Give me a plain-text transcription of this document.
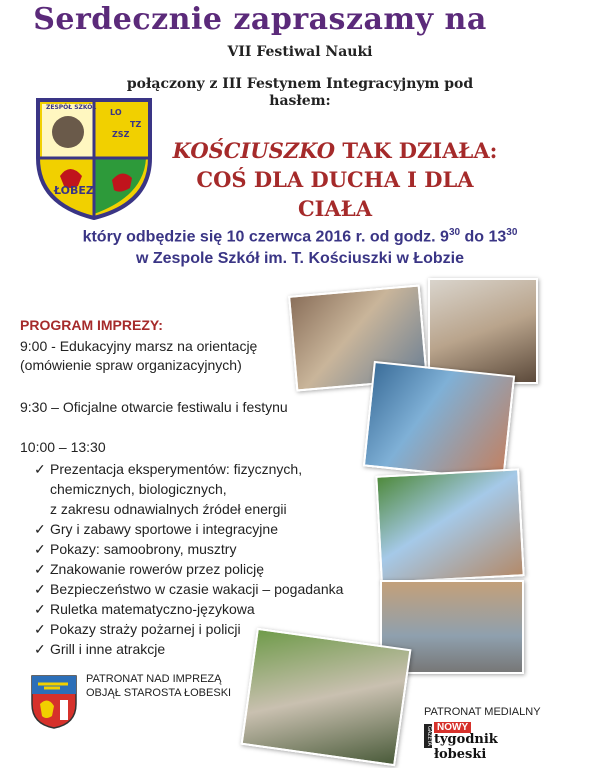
Serdecznie zapraszamy na
VII Festiwal Nauki
połączony z III Festynem Integracyjnym pod
hasłem:
ZESPÓŁ SZKÓŁ
LO
TZ
ZSZ
ŁOBEZ
KOŚCIUSZKO TAK DZIAŁA:
COŚ DLA DUCHA I DLA CIAŁA
który odbędzie się 10 czerwca 2016 r. od godz. $9^{30}$ do $13^{30}$
w Zespole Szkół im. T. Kościuszki w Łobzie
PROGRAM IMPREZY:
9:00 - Edukacyjny marsz na orientację
(omówienie spraw organizacyjnych)
9:30 – Oficjalne otwarcie festiwalu i festynu
10:00 – 13:30
✓ Prezentacja eksperymentów: fizycznych,
chemicznych, biologicznych,
z zakresu odnawialnych źródeł energii
✓ Gry i zabawy sportowe i integracyjne
✓ Pokazy: samoobrony, musztry
✓ Znakowanie rowerów przez policję
✓ Bezpieczeństwo w czasie wakacji – pogadanka
✓ Ruletka matematyczno-językowa
✓ Pokazy straży pożarnej i policji
✓ Grill i inne atrakcje
PATRONAT NAD IMPREZĄ
OBJĄŁ STAROSTA ŁOBESKI
PATRONAT MEDIALNY
GAZETA NOWY
tygodnik łobeski
